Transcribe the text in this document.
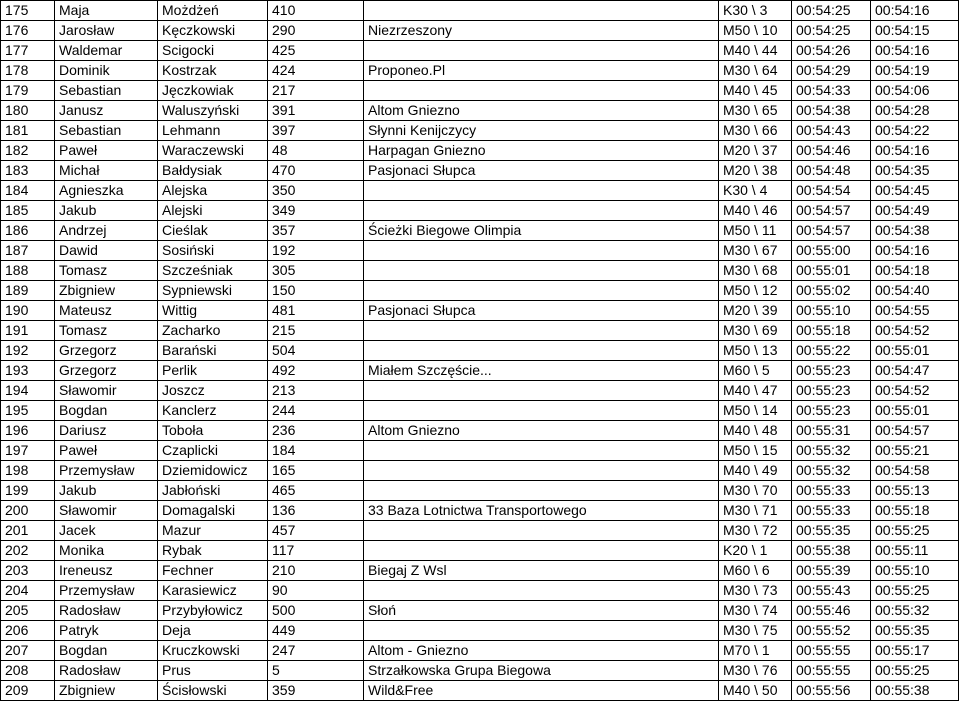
175	Maja	Możdżeń	410		K30 \ 3	00:54:25	00:54:16
176	Jarosław	Kęczkowski	290	Niezrzeszony	M50 \ 10	00:54:25	00:54:15
177	Waldemar	Scigocki	425		M40 \ 44	00:54:26	00:54:16
178	Dominik	Kostrzak	424	Proponeo.Pl	M30 \ 64	00:54:29	00:54:19
179	Sebastian	Jęczkowiak	217		M40 \ 45	00:54:33	00:54:06
180	Janusz	Waluszyński	391	Altom Gniezno	M30 \ 65	00:54:38	00:54:28
181	Sebastian	Lehmann	397	Słynni Kenijczycy	M30 \ 66	00:54:43	00:54:22
182	Paweł	Waraczewski	48	Harpagan Gniezno	M20 \ 37	00:54:46	00:54:16
183	Michał	Bałdysiak	470	Pasjonaci Słupca	M20 \ 38	00:54:48	00:54:35
184	Agnieszka	Alejska	350		K30 \ 4	00:54:54	00:54:45
185	Jakub	Alejski	349		M40 \ 46	00:54:57	00:54:49
186	Andrzej	Cieślak	357	Ścieżki Biegowe Olimpia	M50 \ 11	00:54:57	00:54:38
187	Dawid	Sosiński	192		M30 \ 67	00:55:00	00:54:16
188	Tomasz	Szcześniak	305		M30 \ 68	00:55:01	00:54:18
189	Zbigniew	Sypniewski	150		M50 \ 12	00:55:02	00:54:40
190	Mateusz	Wittig	481	Pasjonaci Słupca	M20 \ 39	00:55:10	00:54:55
191	Tomasz	Zacharko	215		M30 \ 69	00:55:18	00:54:52
192	Grzegorz	Barański	504		M50 \ 13	00:55:22	00:55:01
193	Grzegorz	Perlik	492	Miałem Szczęście...	M60 \ 5	00:55:23	00:54:47
194	Sławomir	Joszcz	213		M40 \ 47	00:55:23	00:54:52
195	Bogdan	Kanclerz	244		M50 \ 14	00:55:23	00:55:01
196	Dariusz	Toboła	236	Altom Gniezno	M40 \ 48	00:55:31	00:54:57
197	Paweł	Czaplicki	184		M50 \ 15	00:55:32	00:55:21
198	Przemysław	Dziemidowicz	165		M40 \ 49	00:55:32	00:54:58
199	Jakub	Jabłoński	465		M30 \ 70	00:55:33	00:55:13
200	Sławomir	Domagalski	136	33 Baza Lotnictwa Transportowego	M30 \ 71	00:55:33	00:55:18
201	Jacek	Mazur	457		M30 \ 72	00:55:35	00:55:25
202	Monika	Rybak	117		K20 \ 1	00:55:38	00:55:11
203	Ireneusz	Fechner	210	Biegaj Z Wsl	M60 \ 6	00:55:39	00:55:10
204	Przemysław	Karasiewicz	90		M30 \ 73	00:55:43	00:55:25
205	Radosław	Przybyłowicz	500	Słoń	M30 \ 74	00:55:46	00:55:32
206	Patryk	Deja	449		M30 \ 75	00:55:52	00:55:35
207	Bogdan	Kruczkowski	247	Altom - Gniezno	M70 \ 1	00:55:55	00:55:17
208	Radosław	Prus	5	Strzałkowska Grupa Biegowa	M30 \ 76	00:55:55	00:55:25
209	Zbigniew	Ścisłowski	359	Wild&Free	M40 \ 50	00:55:56	00:55:38
